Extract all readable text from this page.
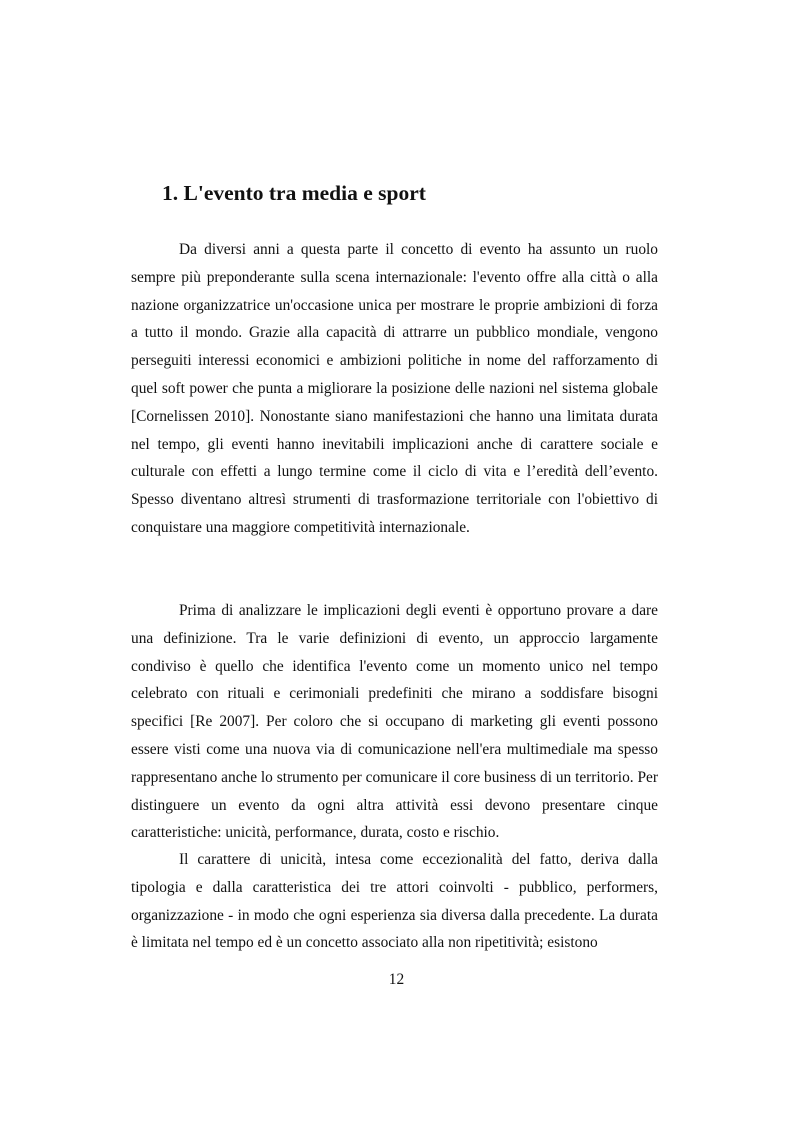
1. L'evento tra media e sport

Da diversi anni a questa parte il concetto di evento ha assunto un ruolo sempre più preponderante sulla scena internazionale: l'evento offre alla città o alla nazione organizzatrice un'occasione unica per mostrare le proprie ambizioni di forza a tutto il mondo. Grazie alla capacità di attrarre un pubblico mondiale, vengono perseguiti interessi economici e ambizioni politiche in nome del rafforzamento di quel soft power che punta a migliorare la posizione delle nazioni nel sistema globale [Cornelissen 2010]. Nonostante siano manifestazioni che hanno una limitata durata nel tempo, gli eventi hanno inevitabili implicazioni anche di carattere sociale e culturale con effetti a lungo termine come il ciclo di vita e l’eredità dell’evento. Spesso diventano altresì strumenti di trasformazione territoriale con l'obiettivo di conquistare una maggiore competitività internazionale.

Prima di analizzare le implicazioni degli eventi è opportuno provare a dare una definizione. Tra le varie definizioni di evento, un approccio largamente condiviso è quello che identifica l'evento come un momento unico nel tempo celebrato con rituali e cerimoniali predefiniti che mirano a soddisfare bisogni specifici [Re 2007]. Per coloro che si occupano di marketing gli eventi possono essere visti come una nuova via di comunicazione nell'era multimediale ma spesso rappresentano anche lo strumento per comunicare il core business di un territorio. Per distinguere un evento da ogni altra attività essi devono presentare cinque caratteristiche: unicità, performance, durata, costo e rischio.

Il carattere di unicità, intesa come eccezionalità del fatto, deriva dalla tipologia e dalla caratteristica dei tre attori coinvolti - pubblico, performers, organizzazione - in modo che ogni esperienza sia diversa dalla precedente. La durata è limitata nel tempo ed è un concetto associato alla non ripetitività; esistono

12
